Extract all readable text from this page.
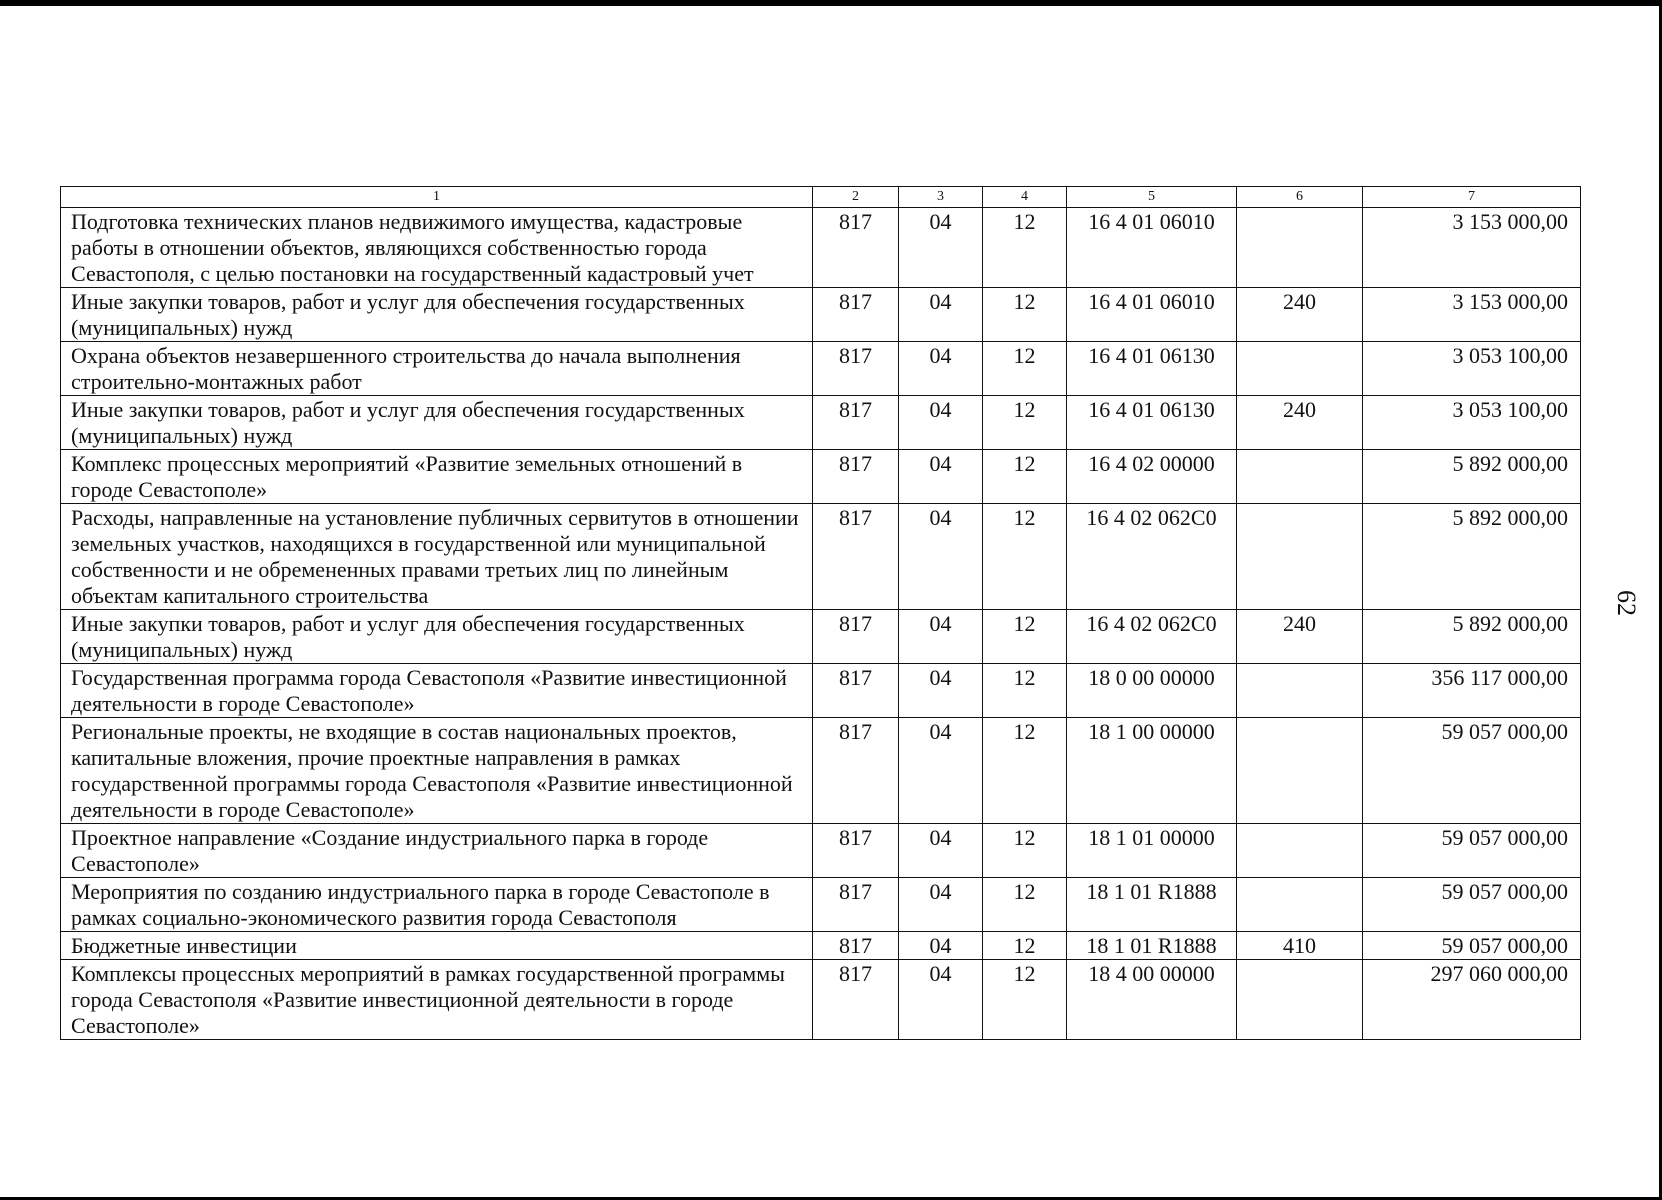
1	2	3	4	5	6	7
Подготовка технических планов недвижимого имущества, кадастровые работы в отношении объектов, являющихся собственностью города Севастополя, с целью постановки на государственный кадастровый учет	817	04	12	16 4 01 06010		3 153 000,00
Иные закупки товаров, работ и услуг для обеспечения государственных (муниципальных) нужд	817	04	12	16 4 01 06010	240	3 153 000,00
Охрана объектов незавершенного строительства до начала выполнения строительно-монтажных работ	817	04	12	16 4 01 06130		3 053 100,00
Иные закупки товаров, работ и услуг для обеспечения государственных (муниципальных) нужд	817	04	12	16 4 01 06130	240	3 053 100,00
Комплекс процессных мероприятий «Развитие земельных отношений в городе Севастополе»	817	04	12	16 4 02 00000		5 892 000,00
Расходы, направленные на установление публичных сервитутов в отношении земельных участков, находящихся в государственной или муниципальной собственности и не обремененных правами третьих лиц по линейным объектам капитального строительства	817	04	12	16 4 02 062C0		5 892 000,00
Иные закупки товаров, работ и услуг для обеспечения государственных (муниципальных) нужд	817	04	12	16 4 02 062C0	240	5 892 000,00
Государственная программа города Севастополя «Развитие инвестиционной деятельности в городе Севастополе»	817	04	12	18 0 00 00000		356 117 000,00
Региональные проекты, не входящие в состав национальных проектов, капитальные вложения, прочие проектные направления в рамках государственной программы города Севастополя «Развитие инвестиционной деятельности в городе Севастополе»	817	04	12	18 1 00 00000		59 057 000,00
Проектное направление «Создание индустриального парка в городе Севастополе»	817	04	12	18 1 01 00000		59 057 000,00
Мероприятия по созданию индустриального парка в городе Севастополе в рамках социально-экономического развития города Севастополя	817	04	12	18 1 01 R1888		59 057 000,00
Бюджетные инвестиции	817	04	12	18 1 01 R1888	410	59 057 000,00
Комплексы процессных мероприятий в рамках государственной программы города Севастополя «Развитие инвестиционной деятельности в городе Севастополе»	817	04	12	18 4 00 00000		297 060 000,00
62
